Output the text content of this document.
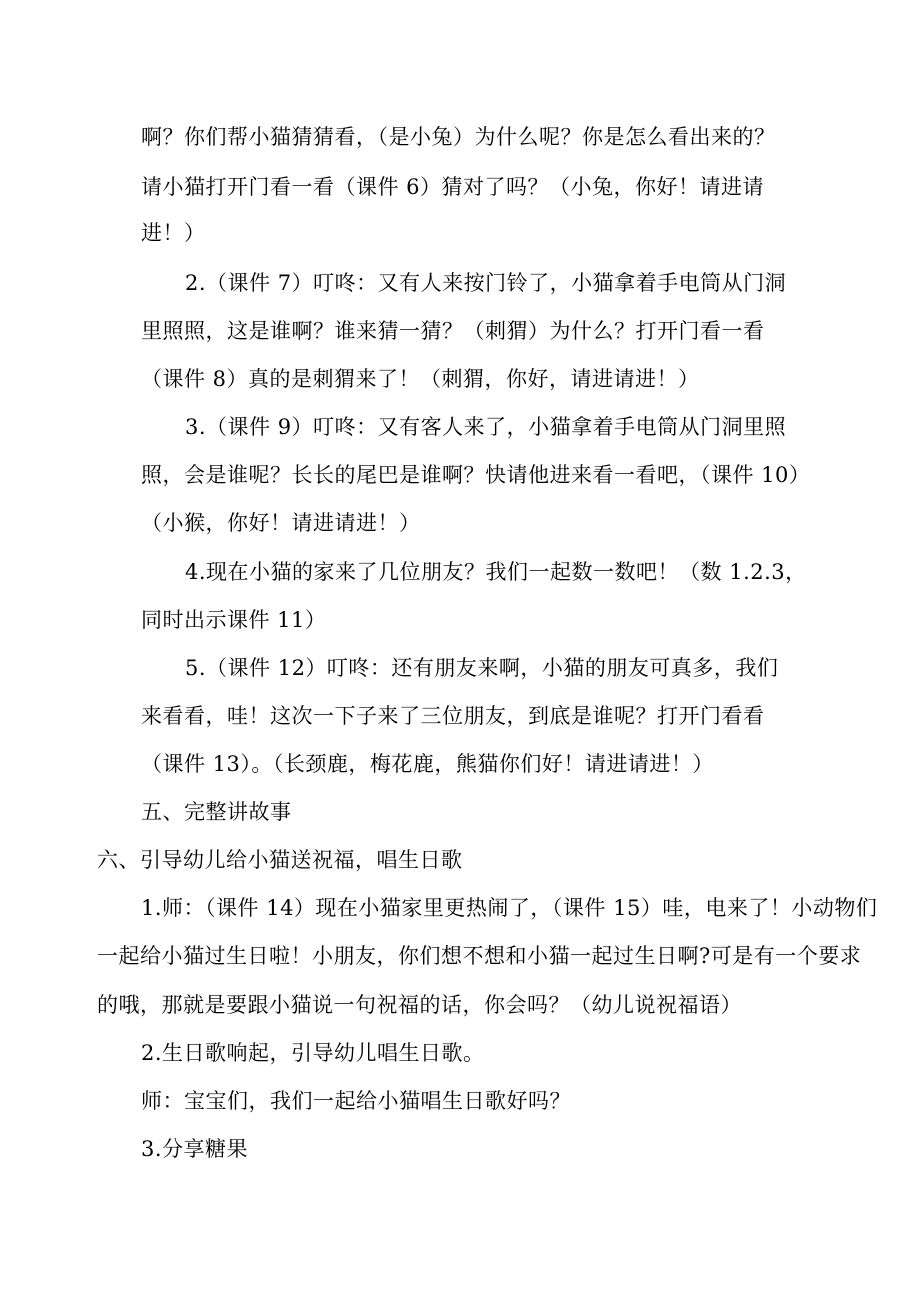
啊？你们帮小猫猜猜看，（是小兔）为什么呢？你是怎么看出来的？
请小猫打开门看一看（课件 6）猜对了吗？（小兔，你好！请进请
进！）
2.（课件 7）叮咚：又有人来按门铃了，小猫拿着手电筒从门洞
里照照，这是谁啊？谁来猜一猜？（刺猬）为什么？打开门看一看
（课件 8）真的是刺猬来了！（刺猬，你好，请进请进！）
3.（课件 9）叮咚：又有客人来了，小猫拿着手电筒从门洞里照
照，会是谁呢？长长的尾巴是谁啊？快请他进来看一看吧，（课件 10）
（小猴，你好！请进请进！）
4.现在小猫的家来了几位朋友？我们一起数一数吧！（数 1.2.3，
同时出示课件 11）
5.（课件 12）叮咚：还有朋友来啊，小猫的朋友可真多，我们
来看看，哇！这次一下子来了三位朋友，到底是谁呢？打开门看看
（课件 13）。（长颈鹿，梅花鹿，熊猫你们好！请进请进！）
五、完整讲故事
六、引导幼儿给小猫送祝福，唱生日歌
1.师：（课件 14）现在小猫家里更热闹了，（课件 15）哇，电来了！小动物们
一起给小猫过生日啦！小朋友，你们想不想和小猫一起过生日啊?可是有一个要求
的哦，那就是要跟小猫说一句祝福的话，你会吗？（幼儿说祝福语）
2.生日歌响起，引导幼儿唱生日歌。
师：宝宝们，我们一起给小猫唱生日歌好吗？
3.分享糖果
